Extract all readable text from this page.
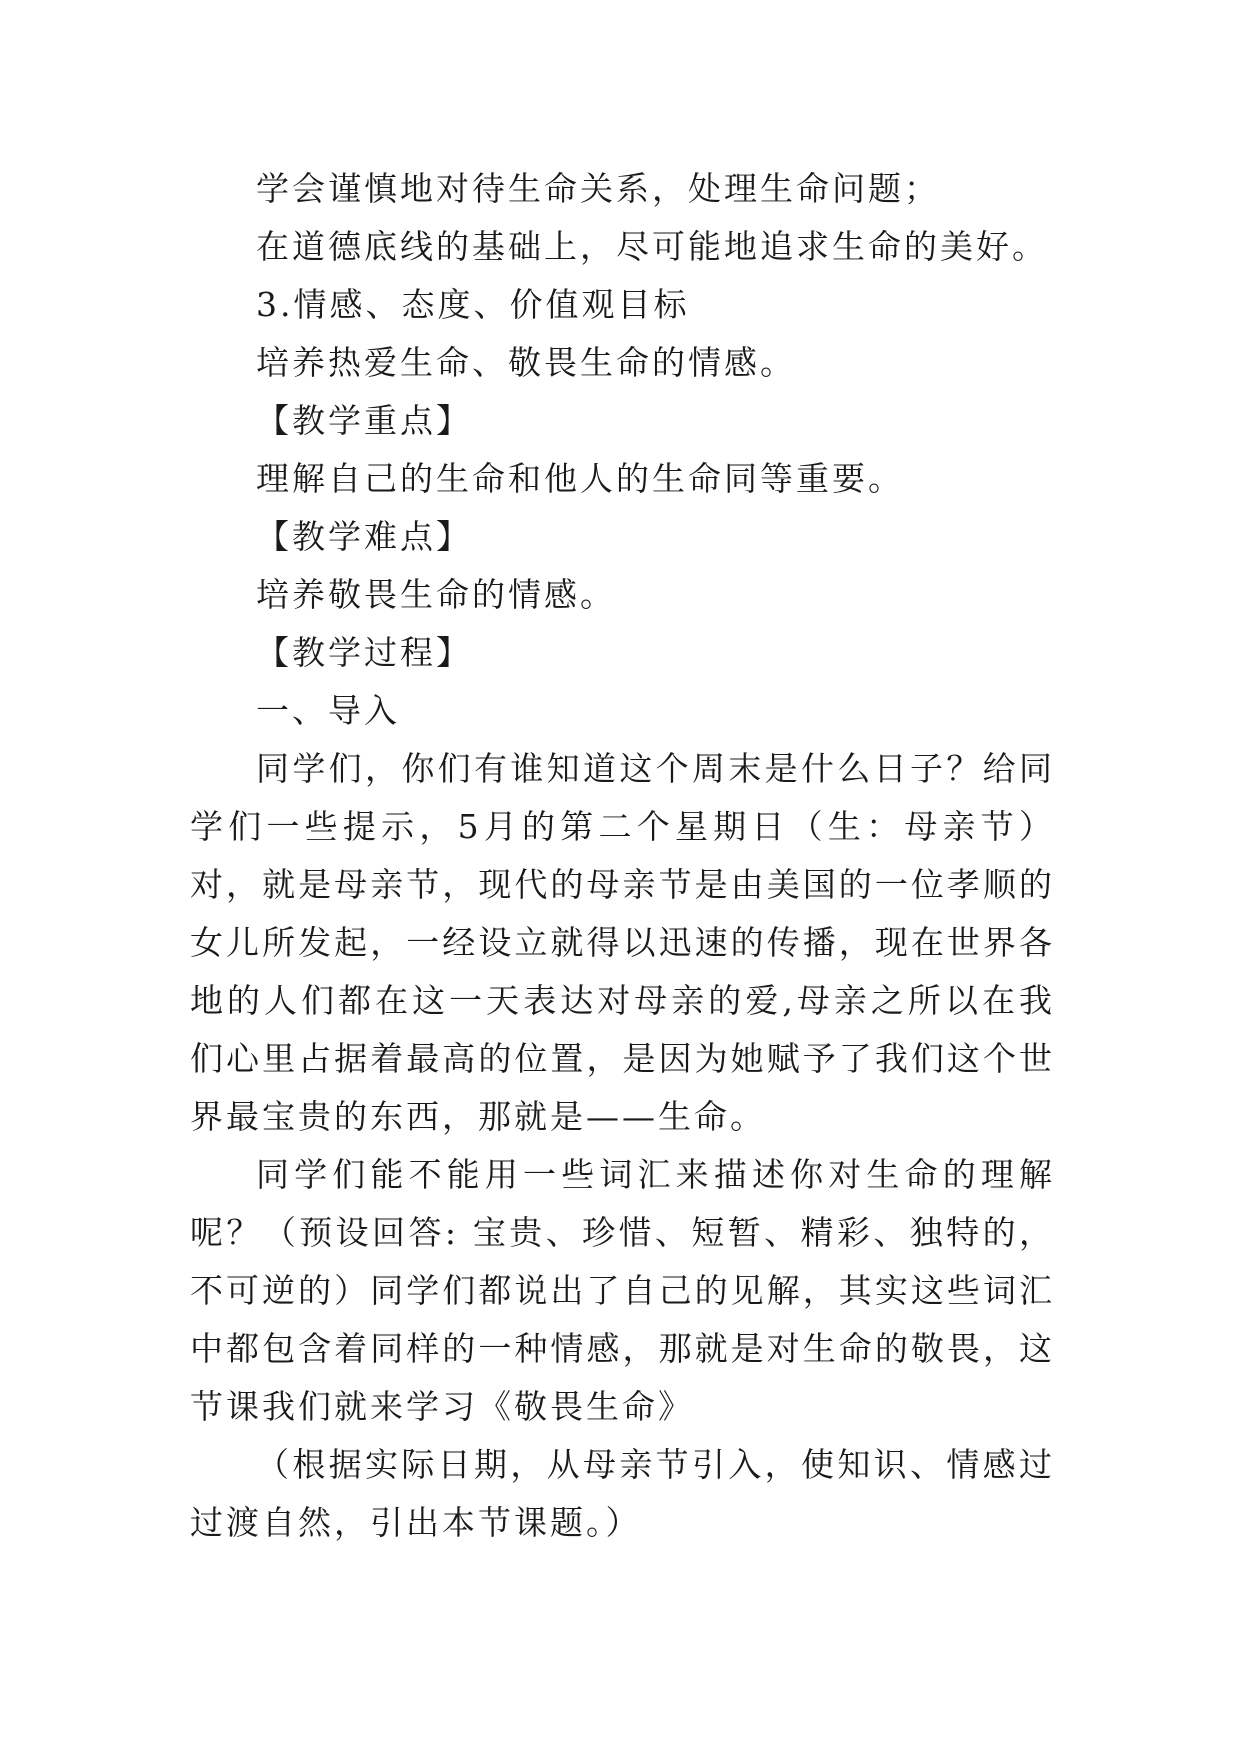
学会谨慎地对待生命关系，处理生命问题；
在道德底线的基础上，尽可能地追求生命的美好。
3.情感、态度、价值观目标
培养热爱生命、敬畏生命的情感。
【教学重点】
理解自己的生命和他人的生命同等重要。
【教学难点】
培养敬畏生命的情感。
【教学过程】
一、导入

同学们，你们有谁知道这个周末是什么日子？给同学们一些提示，5月的第二个星期日（生：母亲节）对，就是母亲节，现代的母亲节是由美国的一位孝顺的女儿所发起，一经设立就得以迅速的传播，现在世界各地的人们都在这一天表达对母亲的爱,母亲之所以在我们心里占据着最高的位置，是因为她赋予了我们这个世界最宝贵的东西，那就是——生命。

同学们能不能用一些词汇来描述你对生命的理解呢？（预设回答: 宝贵、珍惜、短暂、精彩、独特的，不可逆的）同学们都说出了自己的见解，其实这些词汇中都包含着同样的一种情感，那就是对生命的敬畏，这节课我们就来学习《敬畏生命》

（根据实际日期，从母亲节引入，使知识、情感过过渡自然，引出本节课题。）
